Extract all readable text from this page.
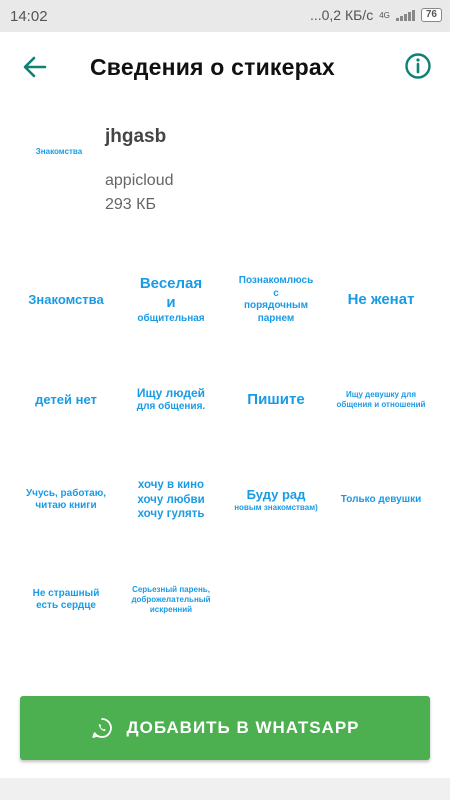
14:02	...0,2 КБ/с 4G	76
Сведения о стикерах
Знакомства
jhgasb
appicloud
293 КБ
Знакомства
Веселая
и
общительная
Познакомлюсь
с
порядочным
парнем
Не женат
детей нет	Ищу людей
для общения.	Пишите	Ищу девушку для
общения и отношений
Учусь, работаю,
читаю книги
хочу в кино
хочу любви
хочу гулять
Буду рад
новым знакомствам)
Только девушки
Не страшный
есть сердце
Серьезный парень,
доброжелательный
искренний
ДОБАВИТЬ В WHATSAPP
